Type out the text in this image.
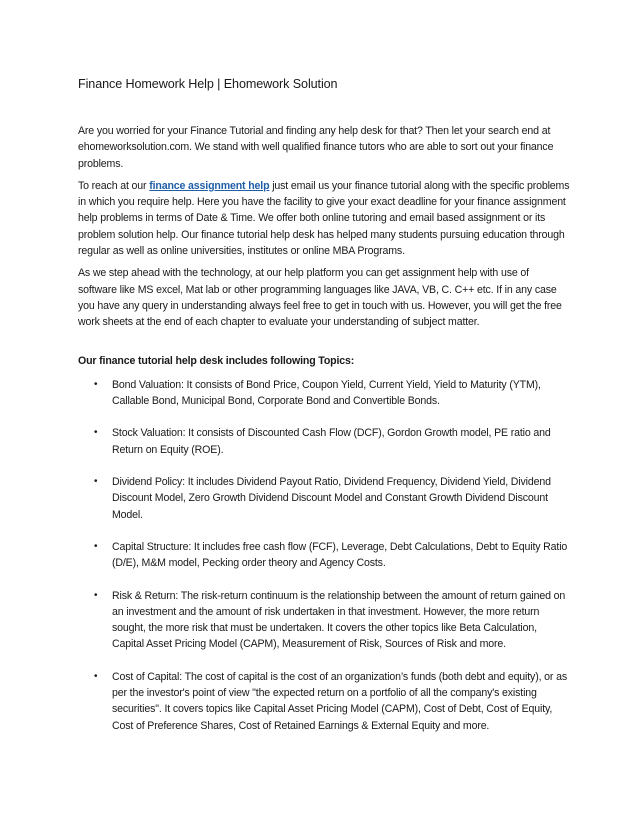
Finance Homework Help | Ehomework Solution

Are you worried for your Finance Tutorial and finding any help desk for that? Then let your search end at ehomeworksolution.com. We stand with well qualified finance tutors who are able to sort out your finance problems.

To reach at our finance assignment help just email us your finance tutorial along with the specific problems in which you require help. Here you have the facility to give your exact deadline for your finance assignment help problems in terms of Date & Time. We offer both online tutoring and email based assignment or its problem solution help. Our finance tutorial help desk has helped many students pursuing education through regular as well as online universities, institutes or online MBA Programs.

As we step ahead with the technology, at our help platform you can get assignment help with use of software like MS excel, Mat lab or other programming languages like JAVA, VB, C. C++ etc. If in any case you have any query in understanding always feel free to get in touch with us. However, you will get the free work sheets at the end of each chapter to evaluate your understanding of subject matter.

Our finance tutorial help desk includes following Topics:

• Bond Valuation: It consists of Bond Price, Coupon Yield, Current Yield, Yield to Maturity (YTM), Callable Bond, Municipal Bond, Corporate Bond and Convertible Bonds.
• Stock Valuation: It consists of Discounted Cash Flow (DCF), Gordon Growth model, PE ratio and Return on Equity (ROE).
• Dividend Policy: It includes Dividend Payout Ratio, Dividend Frequency, Dividend Yield, Dividend Discount Model, Zero Growth Dividend Discount Model and Constant Growth Dividend Discount Model.
• Capital Structure: It includes free cash flow (FCF), Leverage, Debt Calculations, Debt to Equity Ratio (D/E), M&M model, Pecking order theory and Agency Costs.
• Risk & Return: The risk-return continuum is the relationship between the amount of return gained on an investment and the amount of risk undertaken in that investment. However, the more return sought, the more risk that must be undertaken. It covers the other topics like Beta Calculation, Capital Asset Pricing Model (CAPM), Measurement of Risk, Sources of Risk and more.
• Cost of Capital: The cost of capital is the cost of an organization’s funds (both debt and equity), or as per the investor's point of view "the expected return on a portfolio of all the company's existing securities". It covers topics like Capital Asset Pricing Model (CAPM), Cost of Debt, Cost of Equity, Cost of Preference Shares, Cost of Retained Earnings & External Equity and more.
